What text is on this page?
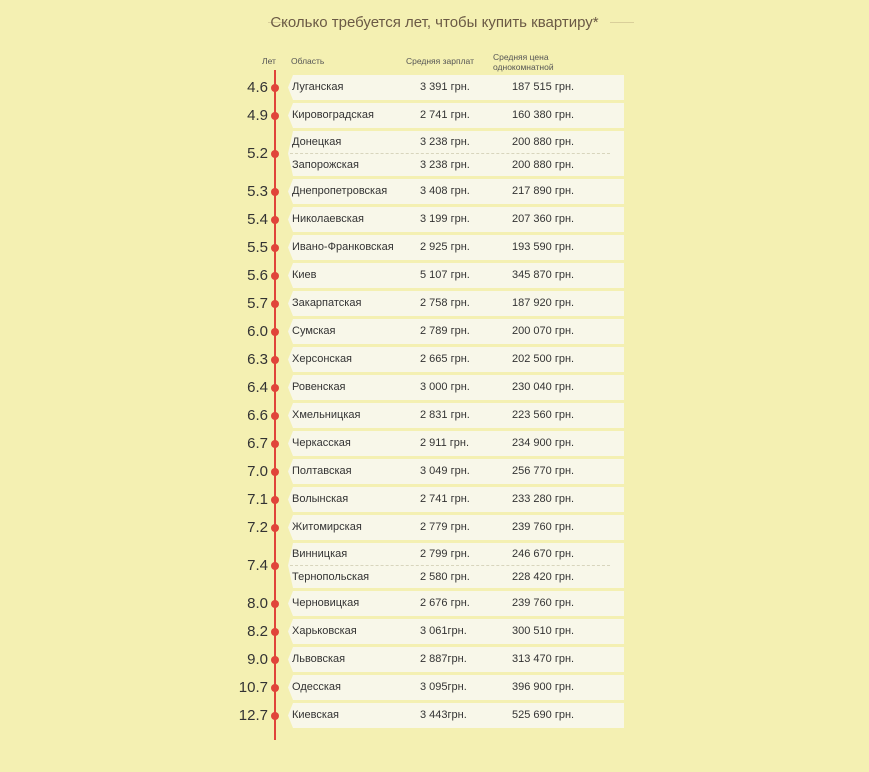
Сколько требуется лет, чтобы купить квартиру*
Лет Область	Средняя зарплат Средняя цена
однокомнатной
4.6 Луганская	3 391 грн.	187 515 грн.
4.9 Кировоградская	2 741 грн.	160 380 грн.
5.2
Донецкая	3 238 грн.	200 880 грн.
Запорожская	3 238 грн.	200 880 грн.
5.3 Днепропетровская	3 408 грн.	217 890 грн.
5.4 Николаевская	3 199 грн.	207 360 грн.
5.5 Ивано-Франковская 2 925 грн.	193 590 грн.
5.6 Киев	5 107 грн.	345 870 грн.
5.7 Закарпатская	2 758 грн.	187 920 грн.
6.0 Сумская	2 789 грн.	200 070 грн.
6.3 Херсонская	2 665 грн.	202 500 грн.
6.4 Ровенская	3 000 грн.	230 040 грн.
6.6 Хмельницкая	2 831 грн.	223 560 грн.
6.7 Черкасская	2 911 грн.	234 900 грн.
7.0 Полтавская	3 049 грн.	256 770 грн.
7.1 Волынская	2 741 грн.	233 280 грн.
7.2 Житомирская	2 779 грн.	239 760 грн.
7.4
Винницкая	2 799 грн.	246 670 грн.
Тернопольская	2 580 грн.	228 420 грн.
8.0 Черновицкая	2 676 грн.	239 760 грн.
8.2 Харьковская	3 061грн.	300 510 грн.
9.0 Львовская	2 887грн.	313 470 грн.
10.7 Одесская	3 095грн.	396 900 грн.
12.7 Киевская	3 443грн.	525 690 грн.
